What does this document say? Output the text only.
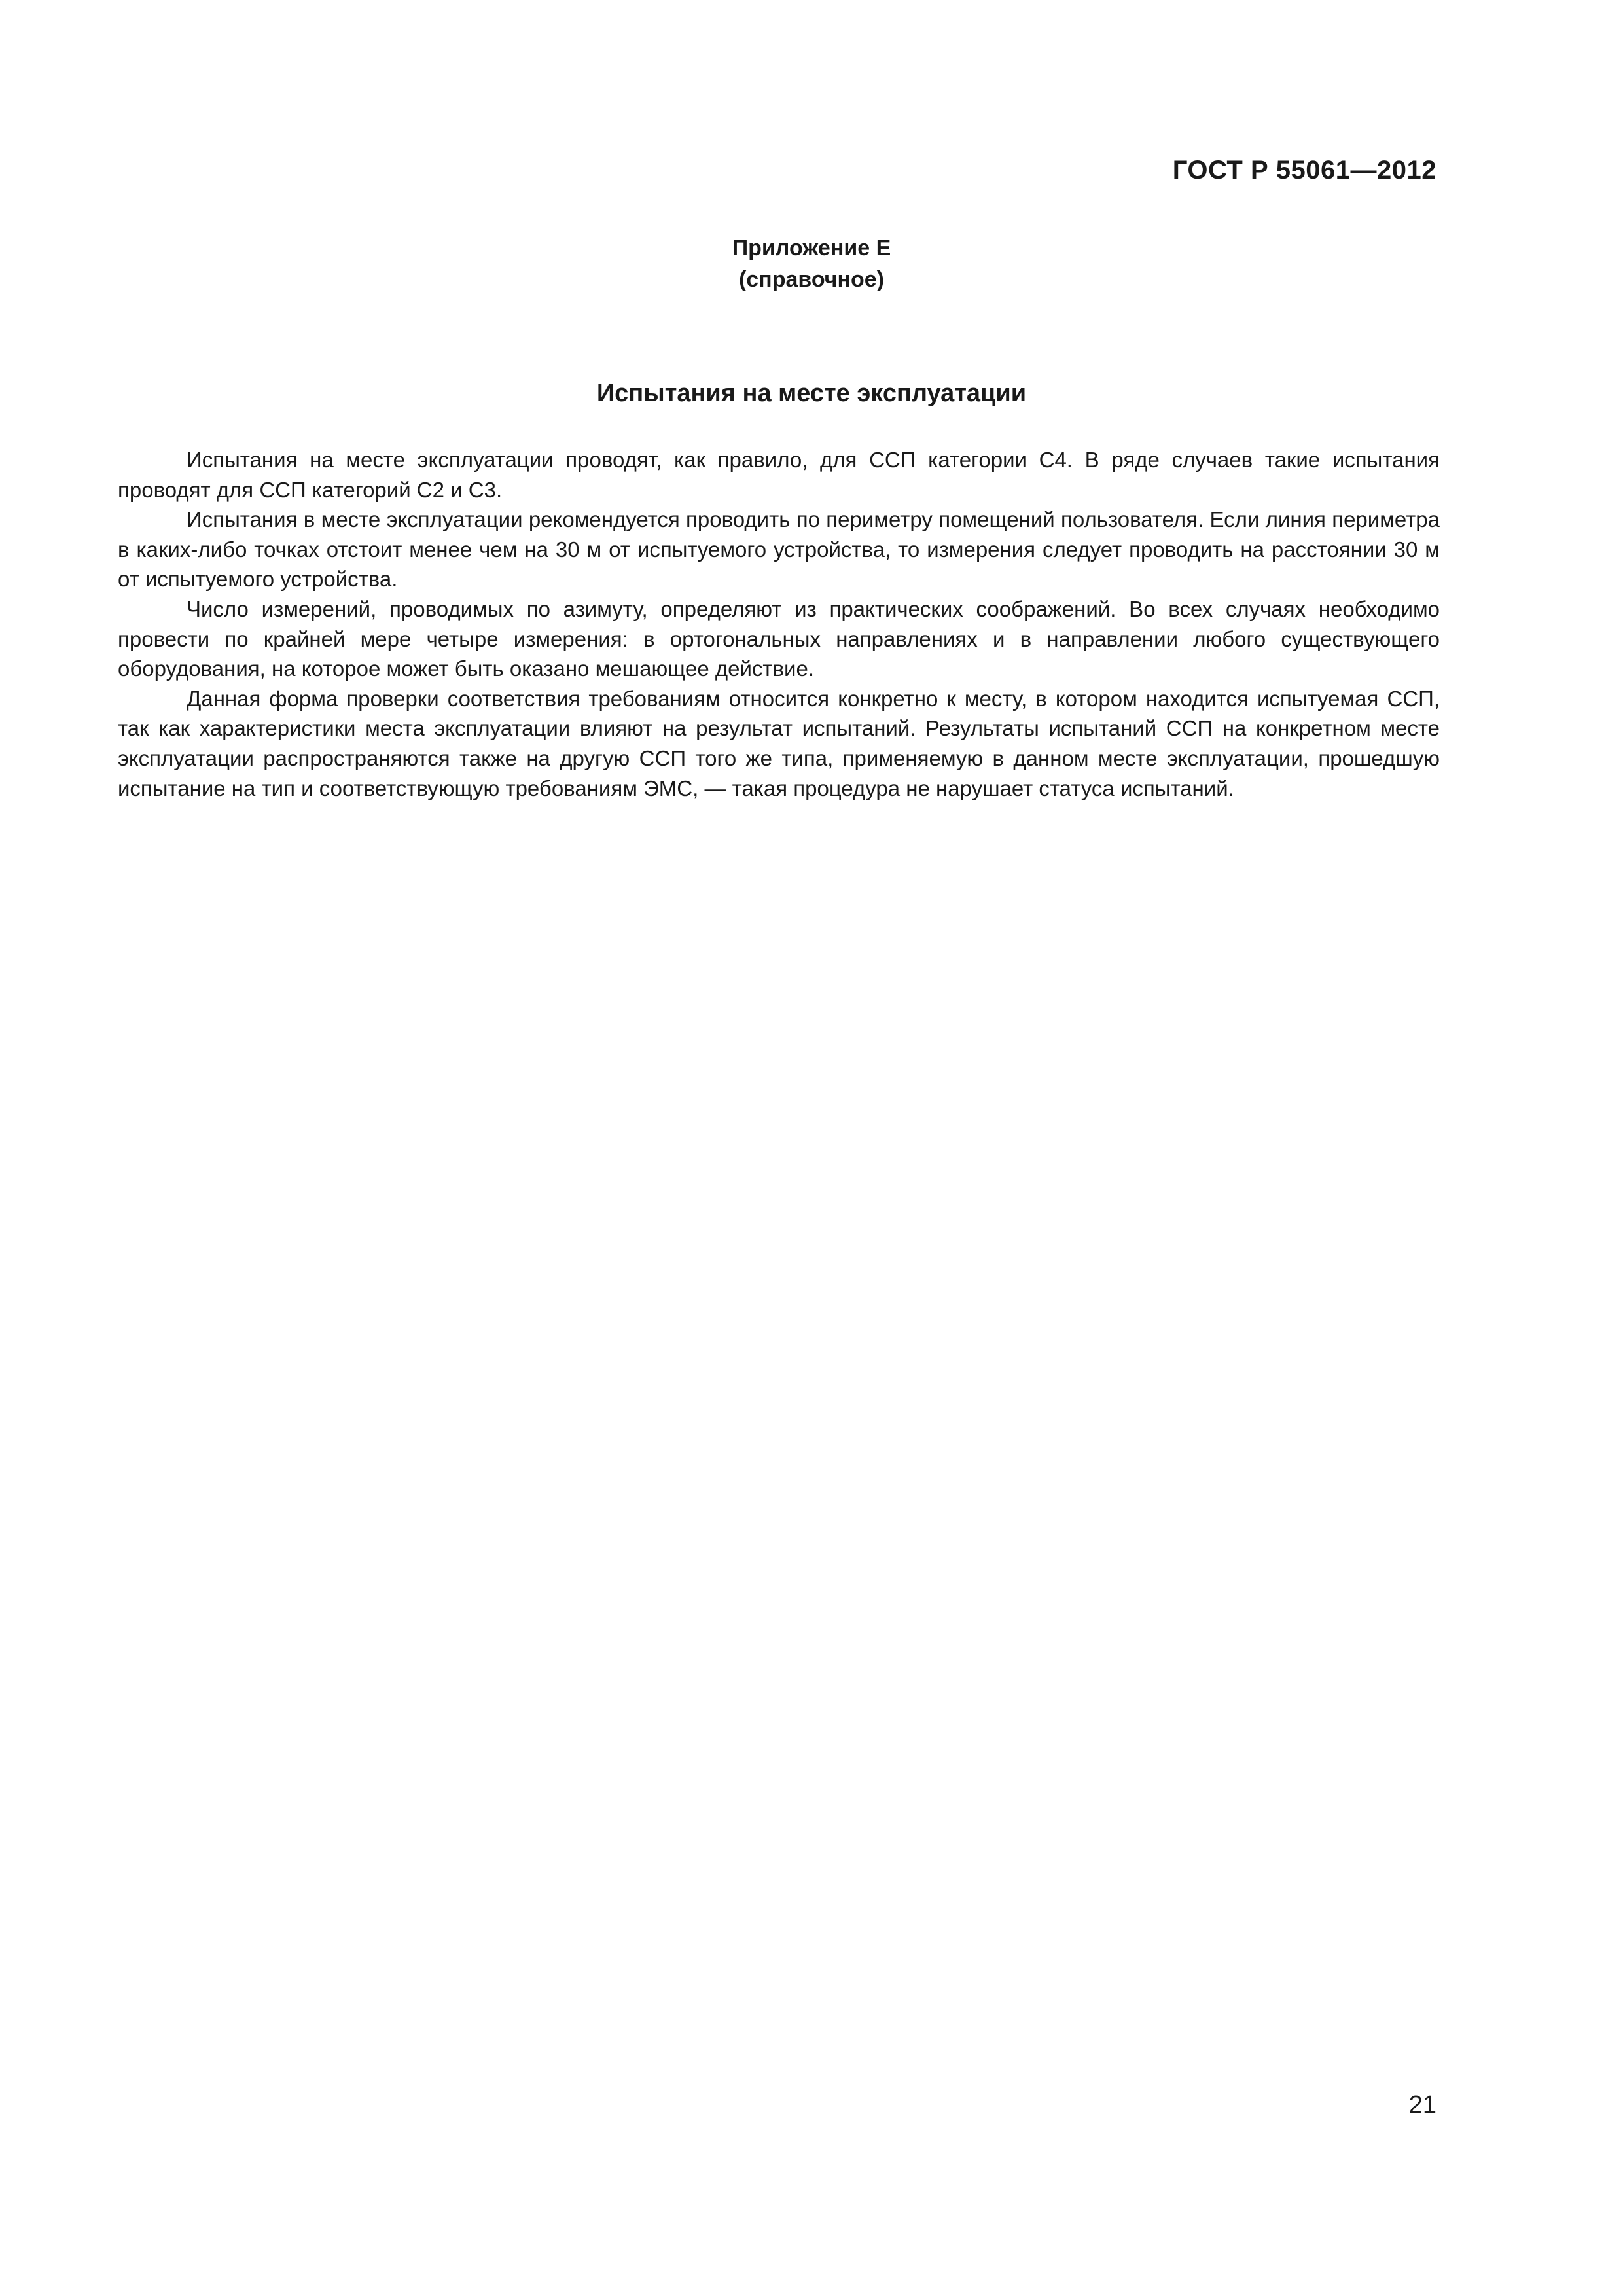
ГОСТ Р 55061—2012
Приложение Е
(справочное)
Испытания на месте эксплуатации

Испытания на месте эксплуатации проводят, как правило, для ССП категории С4. В ряде случаев такие испытания проводят для ССП категорий С2 и С3.

Испытания в месте эксплуатации рекомендуется проводить по периметру помещений пользователя. Если линия периметра в каких-либо точках отстоит менее чем на 30 м от испытуемого устройства, то измерения следует проводить на расстоянии 30 м от испытуемого устройства.

Число измерений, проводимых по азимуту, определяют из практических соображений. Во всех случаях необходимо провести по крайней мере четыре измерения: в ортогональных направлениях и в направлении любого существующего оборудования, на которое может быть оказано мешающее действие.

Данная форма проверки соответствия требованиям относится конкретно к месту, в котором находится испытуемая ССП, так как характеристики места эксплуатации влияют на результат испытаний. Результаты испытаний ССП на конкретном месте эксплуатации распространяются также на другую ССП того же типа, применяемую в данном месте эксплуатации, прошедшую испытание на тип и соответствующую требованиям ЭМС, — такая процедура не нарушает статуса испытаний.

21
